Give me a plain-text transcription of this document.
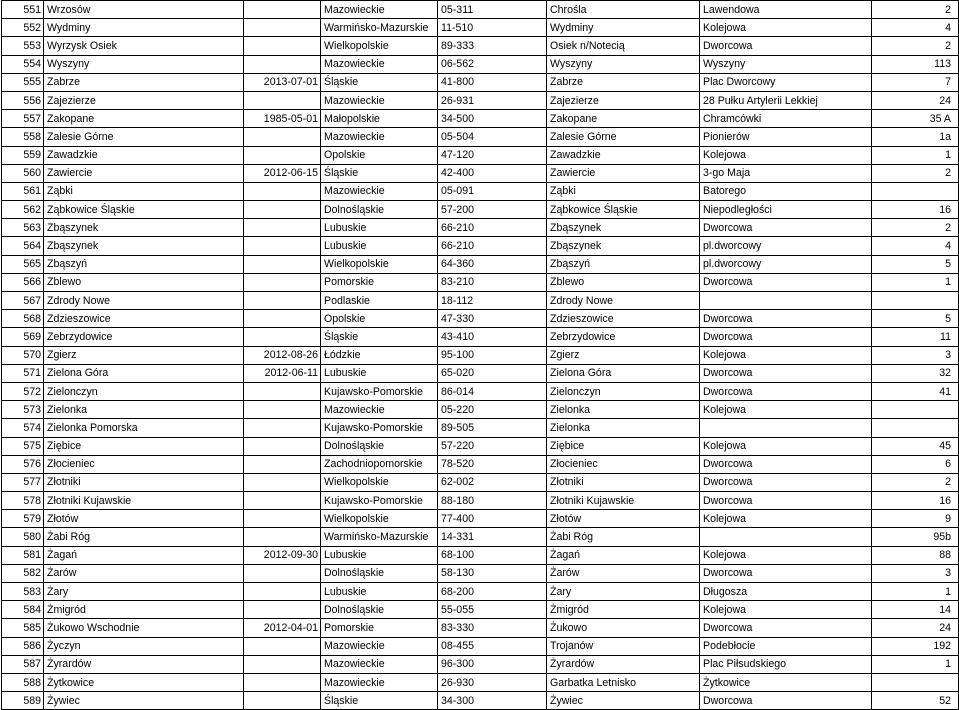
551	Wrzosów		Mazowieckie	05-311	Chrośla	Lawendowa	2
552	Wydminy		Warmińsko-Mazurskie	11-510	Wydminy	Kolejowa	4
553	Wyrzysk Osiek		Wielkopolskie	89-333	Osiek n/Notecią	Dworcowa	2
554	Wyszyny		Mazowieckie	06-562	Wyszyny	Wyszyny	113
555	Zabrze	2013-07-01	Śląskie	41-800	Zabrze	Plac Dworcowy	7
556	Zajezierze		Mazowieckie	26-931	Zajezierze	28 Pułku Artylerii Lekkiej	24
557	Zakopane	1985-05-01	Małopolskie	34-500	Zakopane	Chramcówki	35 A
558	Zalesie Górne		Mazowieckie	05-504	Zalesie Górne	Pionierów	1a
559	Zawadzkie		Opolskie	47-120	Zawadzkie	Kolejowa	1
560	Zawiercie	2012-06-15	Śląskie	42-400	Zawiercie	3-go Maja	2
561	Ząbki		Mazowieckie	05-091	Ząbki	Batorego	
562	Ząbkowice Śląskie		Dolnośląskie	57-200	Ząbkowice Śląskie	Niepodległości	16
563	Zbąszynek		Lubuskie	66-210	Zbąszynek	Dworcowa	2
564	Zbąszynek		Lubuskie	66-210	Zbąszynek	pl.dworcowy	4
565	Zbąszyń		Wielkopolskie	64-360	Zbąszyń	pl.dworcowy	5
566	Zblewo		Pomorskie	83-210	Zblewo	Dworcowa	1
567	Zdrody Nowe		Podlaskie	18-112	Zdrody Nowe		
568	Zdzieszowice		Opolskie	47-330	Zdzieszowice	Dworcowa	5
569	Zebrzydowice		Śląskie	43-410	Zebrzydowice	Dworcowa	11
570	Zgierz	2012-08-26	Łódzkie	95-100	Zgierz	Kolejowa	3
571	Zielona Góra	2012-06-11	Lubuskie	65-020	Zielona Góra	Dworcowa	32
572	Zielonczyn		Kujawsko-Pomorskie	86-014	Zielonczyn	Dworcowa	41
573	Zielonka		Mazowieckie	05-220	Zielonka	Kolejowa	
574	Zielonka Pomorska		Kujawsko-Pomorskie	89-505	Zielonka		
575	Ziębice		Dolnośląskie	57-220	Ziębice	Kolejowa	45
576	Złocieniec		Zachodniopomorskie	78-520	Złocieniec	Dworcowa	6
577	Złotniki		Wielkopolskie	62-002	Złotniki	Dworcowa	2
578	Złotniki Kujawskie		Kujawsko-Pomorskie	88-180	Złotniki Kujawskie	Dworcowa	16
579	Złotów		Wielkopolskie	77-400	Złotów	Kolejowa	9
580	Żabi Róg		Warmińsko-Mazurskie	14-331	Żabi Róg		95b
581	Żagań	2012-09-30	Lubuskie	68-100	Żagań	Kolejowa	88
582	Żarów		Dolnośląskie	58-130	Żarów	Dworcowa	3
583	Żary		Lubuskie	68-200	Żary	Długosza	1
584	Żmigród		Dolnośląskie	55-055	Żmigród	Kolejowa	14
585	Żukowo Wschodnie	2012-04-01	Pomorskie	83-330	Żukowo	Dworcowa	24
586	Życzyn		Mazowieckie	08-455	Trojanów	Podebłocie	192
587	Żyrardów		Mazowieckie	96-300	Żyrardów	Plac Piłsudskiego	1
588	Żytkowice		Mazowieckie	26-930	Garbatka Letnisko	Żytkowice	
589	Żywiec		Śląskie	34-300	Żywiec	Dworcowa	52
